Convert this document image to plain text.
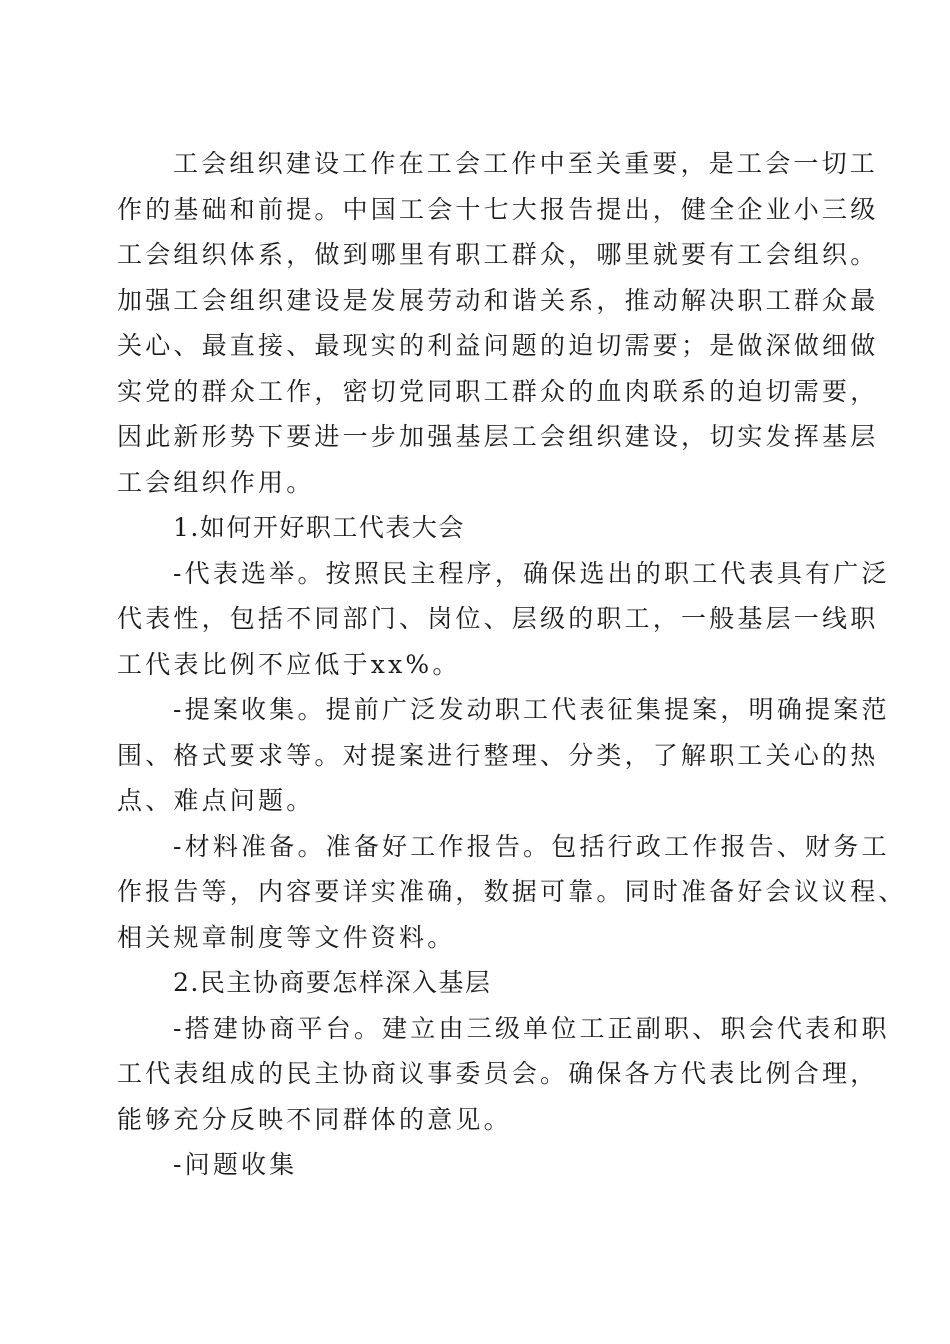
工会组织建设工作在工会工作中至关重要，是工会一切工
作的基础和前提。中国工会十七大报告提出，健全企业小三级
工会组织体系，做到哪里有职工群众，哪里就要有工会组织。
加强工会组织建设是发展劳动和谐关系，推动解决职工群众最
关心、最直接、最现实的利益问题的迫切需要；是做深做细做
实党的群众工作，密切党同职工群众的血肉联系的迫切需要，
因此新形势下要进一步加强基层工会组织建设，切实发挥基层
工会组织作用。

1.如何开好职工代表大会

-代表选举。按照民主程序，确保选出的职工代表具有广泛
代表性，包括不同部门、岗位、层级的职工，一般基层一线职
工代表比例不应低于xx%。

-提案收集。提前广泛发动职工代表征集提案，明确提案范
围、格式要求等。对提案进行整理、分类，了解职工关心的热
点、难点问题。

-材料准备。准备好工作报告。包括行政工作报告、财务工
作报告等，内容要详实准确，数据可靠。同时准备好会议议程、
相关规章制度等文件资料。

2.民主协商要怎样深入基层

-搭建协商平台。建立由三级单位工正副职、职会代表和职
工代表组成的民主协商议事委员会。确保各方代表比例合理，
能够充分反映不同群体的意见。

-问题收集
